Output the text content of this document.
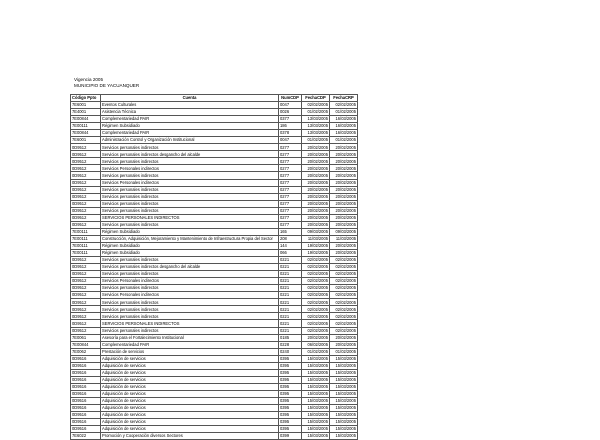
Vigencia 2005
MUNICIPIO DE YACUANQUER
Código Ppto	Cuenta	NumCDP	FechaCDP	FechaCRP
7E6001	Eventos Culturales	0047	02/02/2005	02/02/2005
7E4001	Asistencia Técnica	0026	01/02/2005	01/02/2005
7E00844	Complementariedad PAIR	0377	13/03/2005	16/03/2005
7E00111	Régimen Subsidiado	186	13/03/2005	16/03/2005
7E00844	Complementariedad PAIR	0378	13/03/2005	16/03/2005
7E6001	Administración Control y Organización Institucional	0047	01/02/2005	01/02/2005
0D9512	Servicios personales indirectos	0277	20/02/2005	20/02/2005
0D9512	Servicios personales indirectos desgancho del alcalde	0277	20/02/2005	20/02/2005
0D9512	Servicios personales indirectos	0277	20/02/2005	20/02/2005
0D9512	Servicios Personales indirectos	0277	20/02/2005	20/02/2005
0D9512	Servicios personales indirectos	0277	20/02/2005	20/02/2005
0D9512	Servicios Personales indirectos	0277	20/02/2005	20/02/2005
0D9512	Servicios personales indirectos	0277	20/02/2005	20/02/2005
0D9512	Servicios personales indirectos	0277	20/02/2005	20/02/2005
0D9512	Servicios personales indirectos	0277	20/02/2005	20/02/2005
0D9512	Servicios personales indirectos	0277	20/02/2005	20/02/2005
0D9512	SERVICIOS PERSONALES INDIRECTOS	0277	20/02/2005	20/02/2005
0D9512	Servicios personales indirectos	0277	20/02/2005	20/02/2005
7E00111	Régimen Subsidiado	165	09/03/2005	09/03/2005
7E00111	Construcción, Adquisición, Mejoramiento y Mantenimiento de Infraestructura Propia del Sector	208	11/03/2005	11/03/2005
7E00111	Régimen Subsidiado	144	19/02/2005	20/02/2005
7E00111	Régimen Subsidiado	066	19/02/2005	20/02/2005
0D9512	Servicios personales indirectos	0221	02/02/2005	02/02/2005
0D9512	Servicios personales indirectos desgancho del alcalde	0221	02/02/2005	02/02/2005
0D9512	Servicios personales indirectos	0221	02/02/2005	02/02/2005
0D9512	Servicios Personales indirectos	0221	02/02/2005	02/02/2005
0D9512	Servicios personales indirectos	0221	02/02/2005	02/02/2005
0D9512	Servicios Personales indirectos	0221	02/02/2005	02/02/2005
0D9512	Servicios personales indirectos	0221	02/02/2005	02/02/2005
0D9512	Servicios personales indirectos	0221	02/02/2005	02/02/2005
0D9512	Servicios personales indirectos	0221	02/02/2005	02/02/2005
0D9512	SERVICIOS PERSONALES INDIRECTOS	0221	02/02/2005	02/02/2005
0D9512	Servicios personales indirectos	0221	02/02/2005	02/02/2005
7E0061	Asesoría para el Fortalecimiento Institucional	0185	20/02/2005	20/02/2005
7E00844	Complementariedad PAIR	0228	06/02/2005	20/02/2005
7E0062	Prestación de servicios	0240	01/02/2005	01/02/2005
0D9516	Adquisición de servicios	0395	15/03/2005	15/03/2005
0D9516	Adquisición de servicios	0395	15/03/2005	15/03/2005
0D9516	Adquisición de servicios	0395	15/03/2005	15/03/2005
0D9516	Adquisición de servicios	0395	15/03/2005	15/03/2005
0D9516	Adquisición de servicios	0395	15/03/2005	15/03/2005
0D9516	Adquisición de servicios	0395	15/03/2005	15/03/2005
0D9516	Adquisición de servicios	0395	15/03/2005	15/03/2005
0D9516	Adquisición de servicios	0395	15/03/2005	15/03/2005
0D9516	Adquisición de servicios	0395	15/03/2005	15/03/2005
0D9516	Adquisición de servicios	0395	15/03/2005	15/03/2005
0D9516	Adquisición de servicios	0395	15/03/2005	15/03/2005
7E6022	Promoción y Cooperación diversos Sectores	0399	15/03/2005	15/03/2005
